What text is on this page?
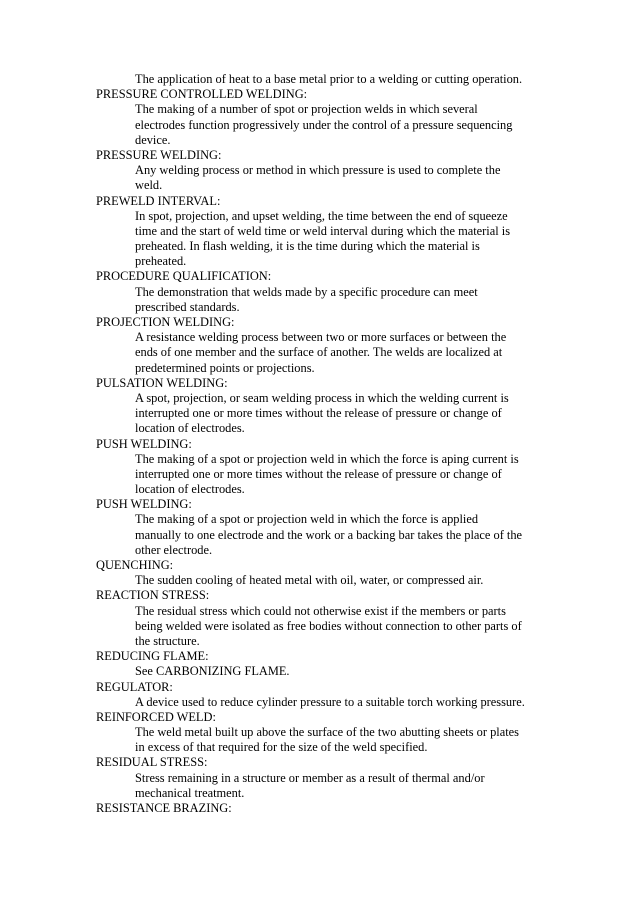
The application of heat to a base metal prior to a welding or cutting operation.
PRESSURE CONTROLLED WELDING:
The making of a number of spot or projection welds in which several
electrodes function progressively under the control of a pressure sequencing
device.
PRESSURE WELDING:
Any welding process or method in which pressure is used to complete the
weld.
PREWELD INTERVAL:
In spot, projection, and upset welding, the time between the end of squeeze
time and the start of weld time or weld interval during which the material is
preheated. In flash welding, it is the time during which the material is
preheated.
PROCEDURE QUALIFICATION:
The demonstration that welds made by a specific procedure can meet
prescribed standards.
PROJECTION WELDING:
A resistance welding process between two or more surfaces or between the
ends of one member and the surface of another. The welds are localized at
predetermined points or projections.
PULSATION WELDING:
A spot, projection, or seam welding process in which the welding current is
interrupted one or more times without the release of pressure or change of
location of electrodes.
PUSH WELDING:
The making of a spot or projection weld in which the force is aping current is
interrupted one or more times without the release of pressure or change of
location of electrodes.
PUSH WELDING:
The making of a spot or projection weld in which the force is applied
manually to one electrode and the work or a backing bar takes the place of the
other electrode.
QUENCHING:
The sudden cooling of heated metal with oil, water, or compressed air.
REACTION STRESS:
The residual stress which could not otherwise exist if the members or parts
being welded were isolated as free bodies without connection to other parts of
the structure.
REDUCING FLAME:
See CARBONIZING FLAME.
REGULATOR:
A device used to reduce cylinder pressure to a suitable torch working pressure.
REINFORCED WELD:
The weld metal built up above the surface of the two abutting sheets or plates
in excess of that required for the size of the weld specified.
RESIDUAL STRESS:
Stress remaining in a structure or member as a result of thermal and/or
mechanical treatment.
RESISTANCE BRAZING:
